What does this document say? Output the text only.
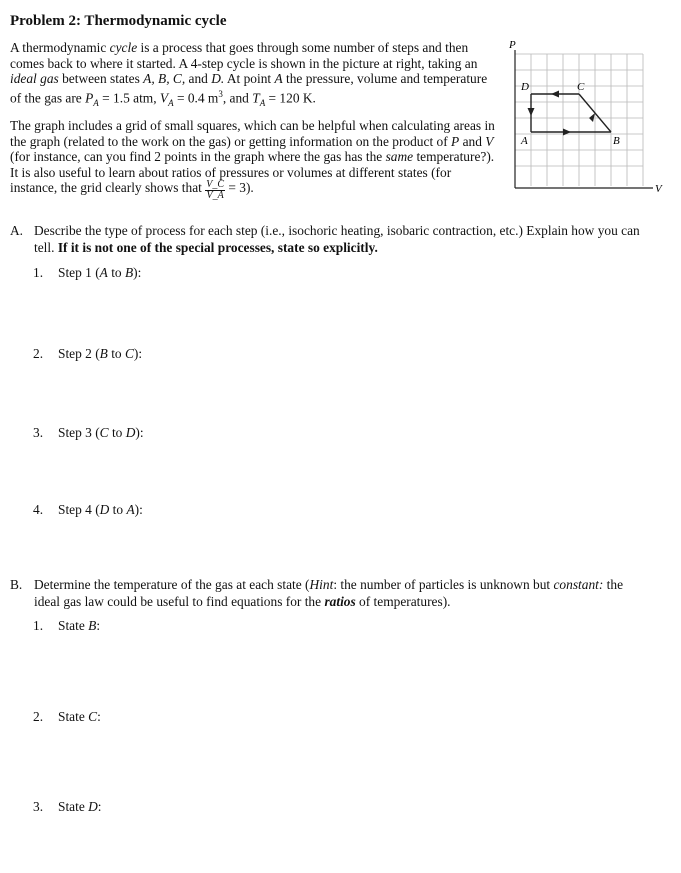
Problem 2: Thermodynamic cycle
A thermodynamic cycle is a process that goes through some number of steps and then comes back to where it started. A 4-step cycle is shown in the picture at right, taking an ideal gas between states A, B, C, and D. At point A the pressure, volume and temperature of the gas are $P_A = 1.5$ atm, $V_A = 0.4$ $m^3$, and $T_A = 120$ K.
The graph includes a grid of small squares, which can be helpful when calculating areas in the graph (related to the work on the gas) or getting information on the product of P and V (for instance, can you find 2 points in the graph where the gas has the same temperature?). It is also useful to learn about ratios of pressures or volumes at different states (for instance, the grid clearly shows that $\frac{V\_C}{V\_A} = 3$).
P
V
D	C
A	B
A. Describe the type of process for each step (i.e., isochoric heating, isobaric contraction, etc.) Explain how you can tell. If it is not one of the special processes, state so explicitly.
1. Step 1 (A to B):
2. Step 2 (B to C):
3. Step 3 (C to D):
4. Step 4 (D to A):
B. Determine the temperature of the gas at each state (Hint: the number of particles is unknown but constant: the ideal gas law could be useful to find equations for the ratios of temperatures).
1. State B:
2. State C:
3. State D:
